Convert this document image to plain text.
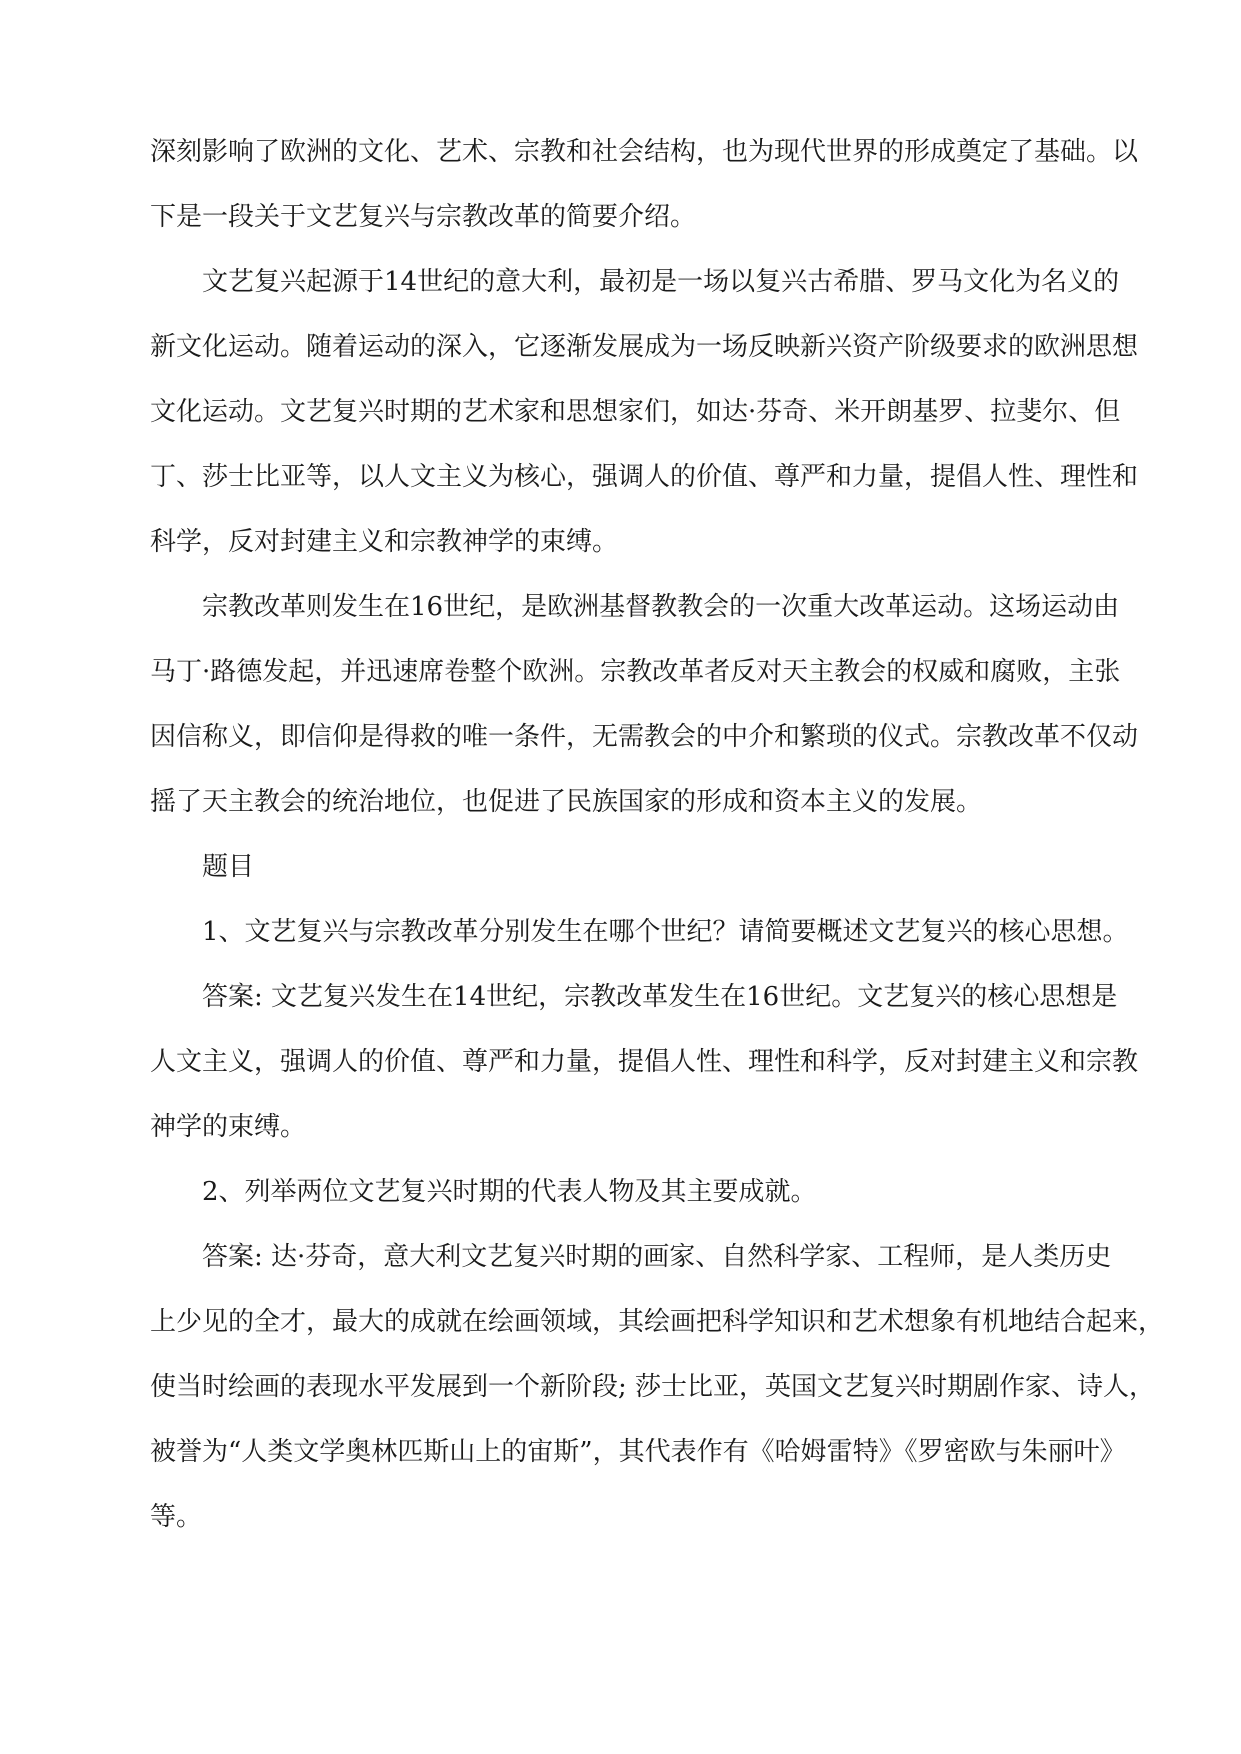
深刻影响了欧洲的文化、艺术、宗教和社会结构，也为现代世界的形成奠定了基础。以
下是一段关于文艺复兴与宗教改革的简要介绍。

文艺复兴起源于14世纪的意大利，最初是一场以复兴古希腊、罗马文化为名义的
新文化运动。随着运动的深入，它逐渐发展成为一场反映新兴资产阶级要求的欧洲思想
文化运动。文艺复兴时期的艺术家和思想家们，如达·芬奇、米开朗基罗、拉斐尔、但
丁、莎士比亚等，以人文主义为核心，强调人的价值、尊严和力量，提倡人性、理性和
科学，反对封建主义和宗教神学的束缚。

宗教改革则发生在16世纪，是欧洲基督教教会的一次重大改革运动。这场运动由
马丁·路德发起，并迅速席卷整个欧洲。宗教改革者反对天主教会的权威和腐败，主张
因信称义，即信仰是得救的唯一条件，无需教会的中介和繁琐的仪式。宗教改革不仅动
摇了天主教会的统治地位，也促进了民族国家的形成和资本主义的发展。

题目

1、文艺复兴与宗教改革分别发生在哪个世纪？请简要概述文艺复兴的核心思想。

答案: 文艺复兴发生在14世纪，宗教改革发生在16世纪。文艺复兴的核心思想是
人文主义，强调人的价值、尊严和力量，提倡人性、理性和科学，反对封建主义和宗教
神学的束缚。

2、列举两位文艺复兴时期的代表人物及其主要成就。

答案: 达·芬奇，意大利文艺复兴时期的画家、自然科学家、工程师，是人类历史
上少见的全才，最大的成就在绘画领域，其绘画把科学知识和艺术想象有机地结合起来，
使当时绘画的表现水平发展到一个新阶段; 莎士比亚，英国文艺复兴时期剧作家、诗人，
被誉为“人类文学奥林匹斯山上的宙斯”，其代表作有《哈姆雷特》《罗密欧与朱丽叶》
等。
